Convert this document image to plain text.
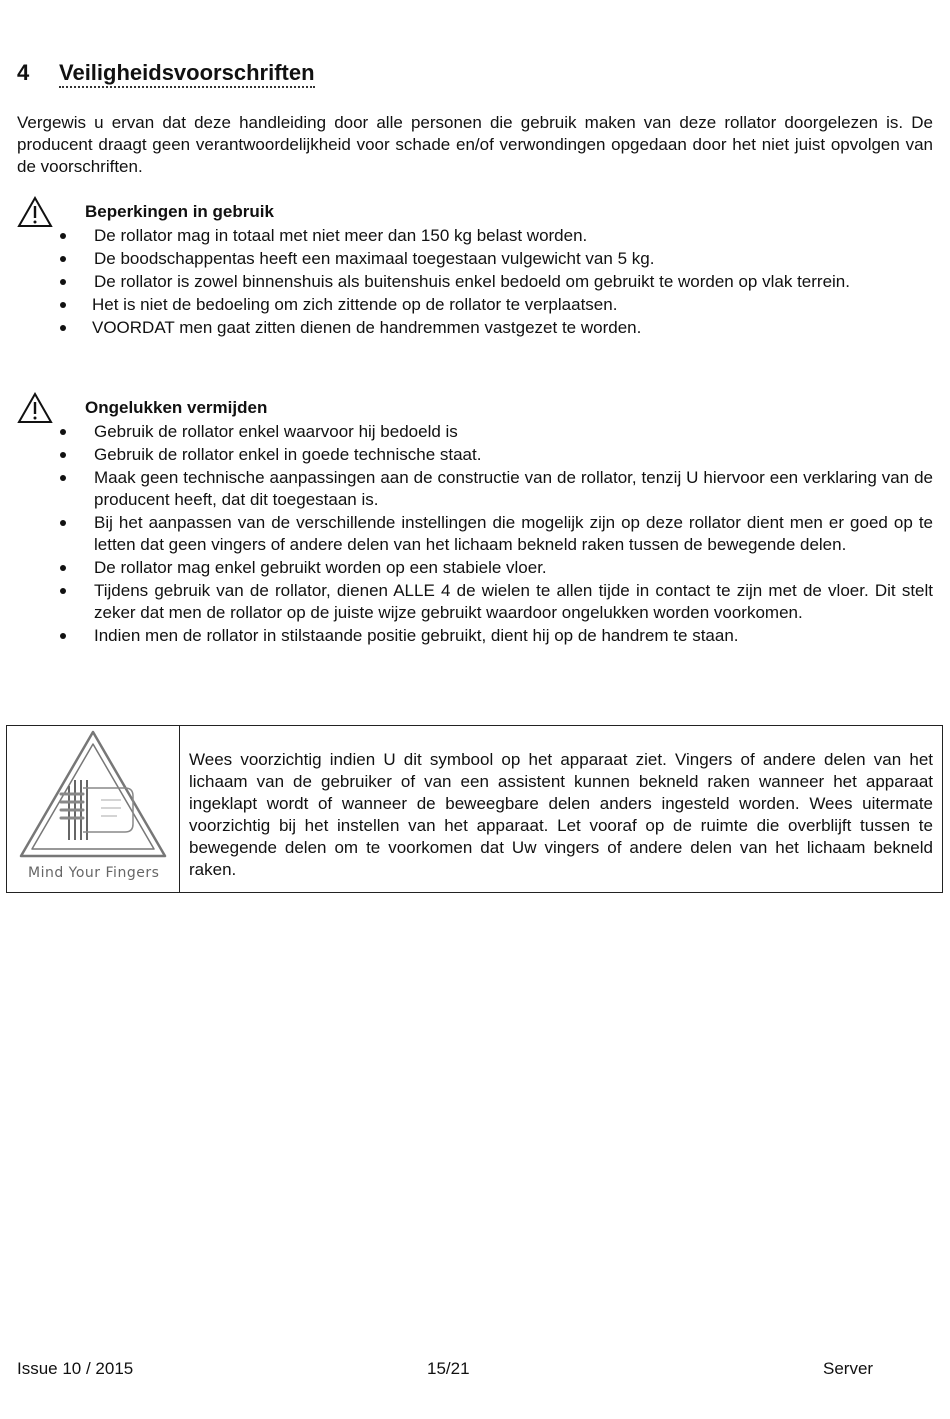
4 Veiligheidsvoorschriften

Vergewis u ervan dat deze handleiding door alle personen die gebruik maken van deze rollator doorgelezen is. De producent draagt geen verantwoordelijkheid voor schade en/of verwondingen opgedaan door het niet juist opvolgen van de voorschriften.

Beperkingen in gebruik
De rollator mag in totaal met niet meer dan 150 kg belast worden.
De boodschappentas heeft een maximaal toegestaan vulgewicht van 5 kg.
De rollator is zowel binnenshuis als buitenshuis enkel bedoeld om gebruikt te worden op vlak terrein.
Het is niet de bedoeling om zich zittende op de rollator te verplaatsen.
VOORDAT men gaat zitten dienen de handremmen vastgezet te worden.
Ongelukken vermijden
Gebruik de rollator enkel waarvoor hij bedoeld is
Gebruik de rollator enkel in goede technische staat.
Maak geen technische aanpassingen aan de constructie van de rollator, tenzij U hiervoor een verklaring van de producent heeft, dat dit toegestaan is.
Bij het aanpassen van de verschillende instellingen die mogelijk zijn op deze rollator dient men er goed op te letten dat geen vingers of andere delen van het lichaam bekneld raken tussen de bewegende delen.
De rollator mag enkel gebruikt worden op een stabiele vloer.
Tijdens gebruik van de rollator, dienen ALLE 4 de wielen te allen tijde in contact te zijn met de vloer. Dit stelt zeker dat men de rollator op de juiste wijze gebruikt waardoor ongelukken worden voorkomen.
Indien men de rollator in stilstaande positie gebruikt, dient hij op de handrem te staan.
Mind Your Fingers

Wees voorzichtig indien U dit symbool op het apparaat ziet. Vingers of andere delen van het lichaam van de gebruiker of van een assistent kunnen bekneld raken wanneer het apparaat ingeklapt wordt of wanneer de beweegbare delen anders ingesteld worden. Wees uitermate voorzichtig bij het instellen van het apparaat. Let vooraf op de ruimte die overblijft tussen te bewegende delen om te voorkomen dat Uw vingers of andere delen van het lichaam bekneld raken.

Issue 10 / 2015	15/21	Server
